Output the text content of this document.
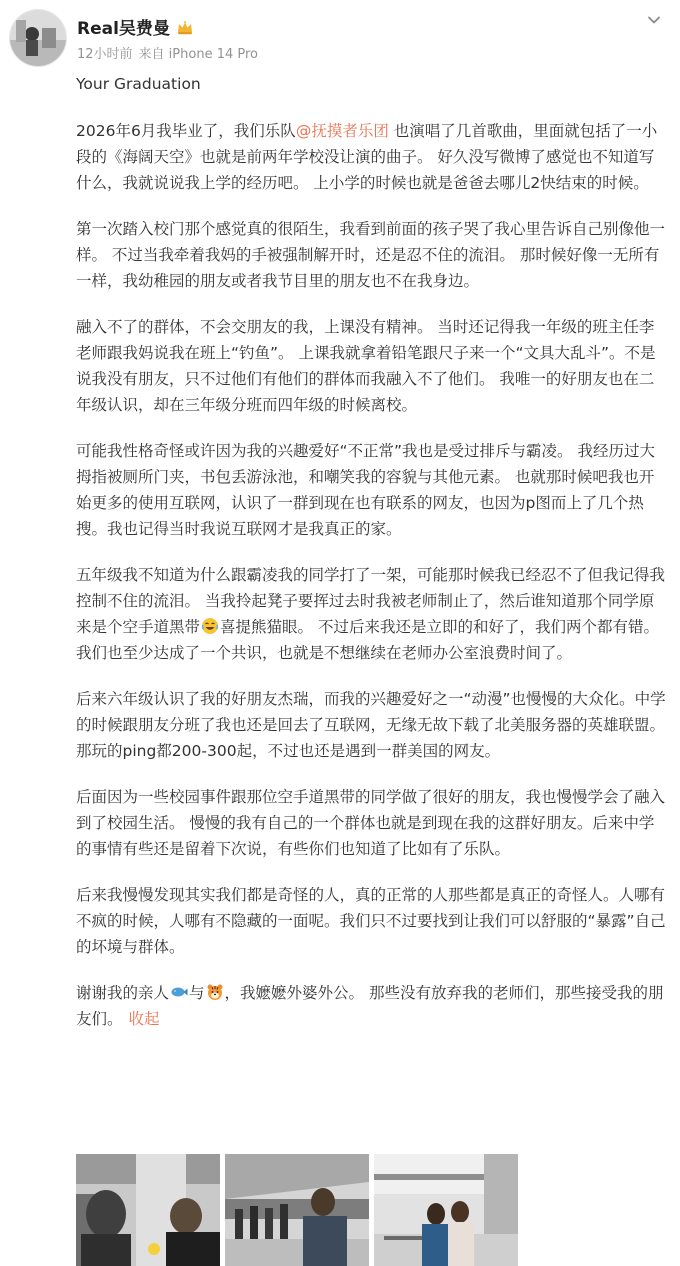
Real吴费曼
12小时前 来自 iPhone 14 Pro

Your Graduation

2026年6月我毕业了，我们乐队@抚摸者乐团 也演唱了几首歌曲，里面就包括了一小段的《海阔天空》也就是前两年学校没让演的曲子。 好久没写微博了感觉也不知道写什么，我就说说我上学的经历吧。 上小学的时候也就是爸爸去哪儿2快结束的时候。

第一次踏入校门那个感觉真的很陌生，我看到前面的孩子哭了我心里告诉自己别像他一样。 不过当我牵着我妈的手被强制解开时，还是忍不住的流泪。 那时候好像一无所有一样，我幼稚园的朋友或者我节目里的朋友也不在我身边。

融入不了的群体，不会交朋友的我，上课没有精神。 当时还记得我一年级的班主任李老师跟我妈说我在班上“钓鱼”。 上课我就拿着铅笔跟尺子来一个“文具大乱斗”。不是说我没有朋友，只不过他们有他们的群体而我融入不了他们。 我唯一的好朋友也在二年级认识，却在三年级分班而四年级的时候离校。

可能我性格奇怪或许因为我的兴趣爱好“不正常”我也是受过排斥与霸凌。 我经历过大拇指被厕所门夹，书包丢游泳池，和嘲笑我的容貌与其他元素。 也就那时候吧我也开始更多的使用互联网，认识了一群到现在也有联系的网友，也因为p图而上了几个热搜。我也记得当时我说互联网才是我真正的家。

五年级我不知道为什么跟霸凌我的同学打了一架，可能那时候我已经忍不了但我记得我控制不住的流泪。 当我拎起凳子要挥过去时我被老师制止了，然后谁知道那个同学原来是个空手道黑带 喜提熊猫眼。 不过后来我还是立即的和好了，我们两个都有错。 我们也至少达成了一个共识，也就是不想继续在老师办公室浪费时间了。

后来六年级认识了我的好朋友杰瑞，而我的兴趣爱好之一“动漫”也慢慢的大众化。中学的时候跟朋友分班了我也还是回去了互联网，无缘无故下载了北美服务器的英雄联盟。 那玩的ping都200-300起，不过也还是遇到一群美国的网友。

后面因为一些校园事件跟那位空手道黑带的同学做了很好的朋友，我也慢慢学会了融入到了校园生活。 慢慢的我有自己的一个群体也就是到现在我的这群好朋友。后来中学的事情有些还是留着下次说，有些你们也知道了比如有了乐队。

后来我慢慢发现其实我们都是奇怪的人，真的正常的人那些都是真正的奇怪人。人哪有不疯的时候，人哪有不隐藏的一面呢。我们只不过要找到让我们可以舒服的“暴露”自己的坏境与群体。

谢谢我的亲人 与 ，我嬷嬷外婆外公。 那些没有放弃我的老师们，那些接受我的朋友们。 收起
